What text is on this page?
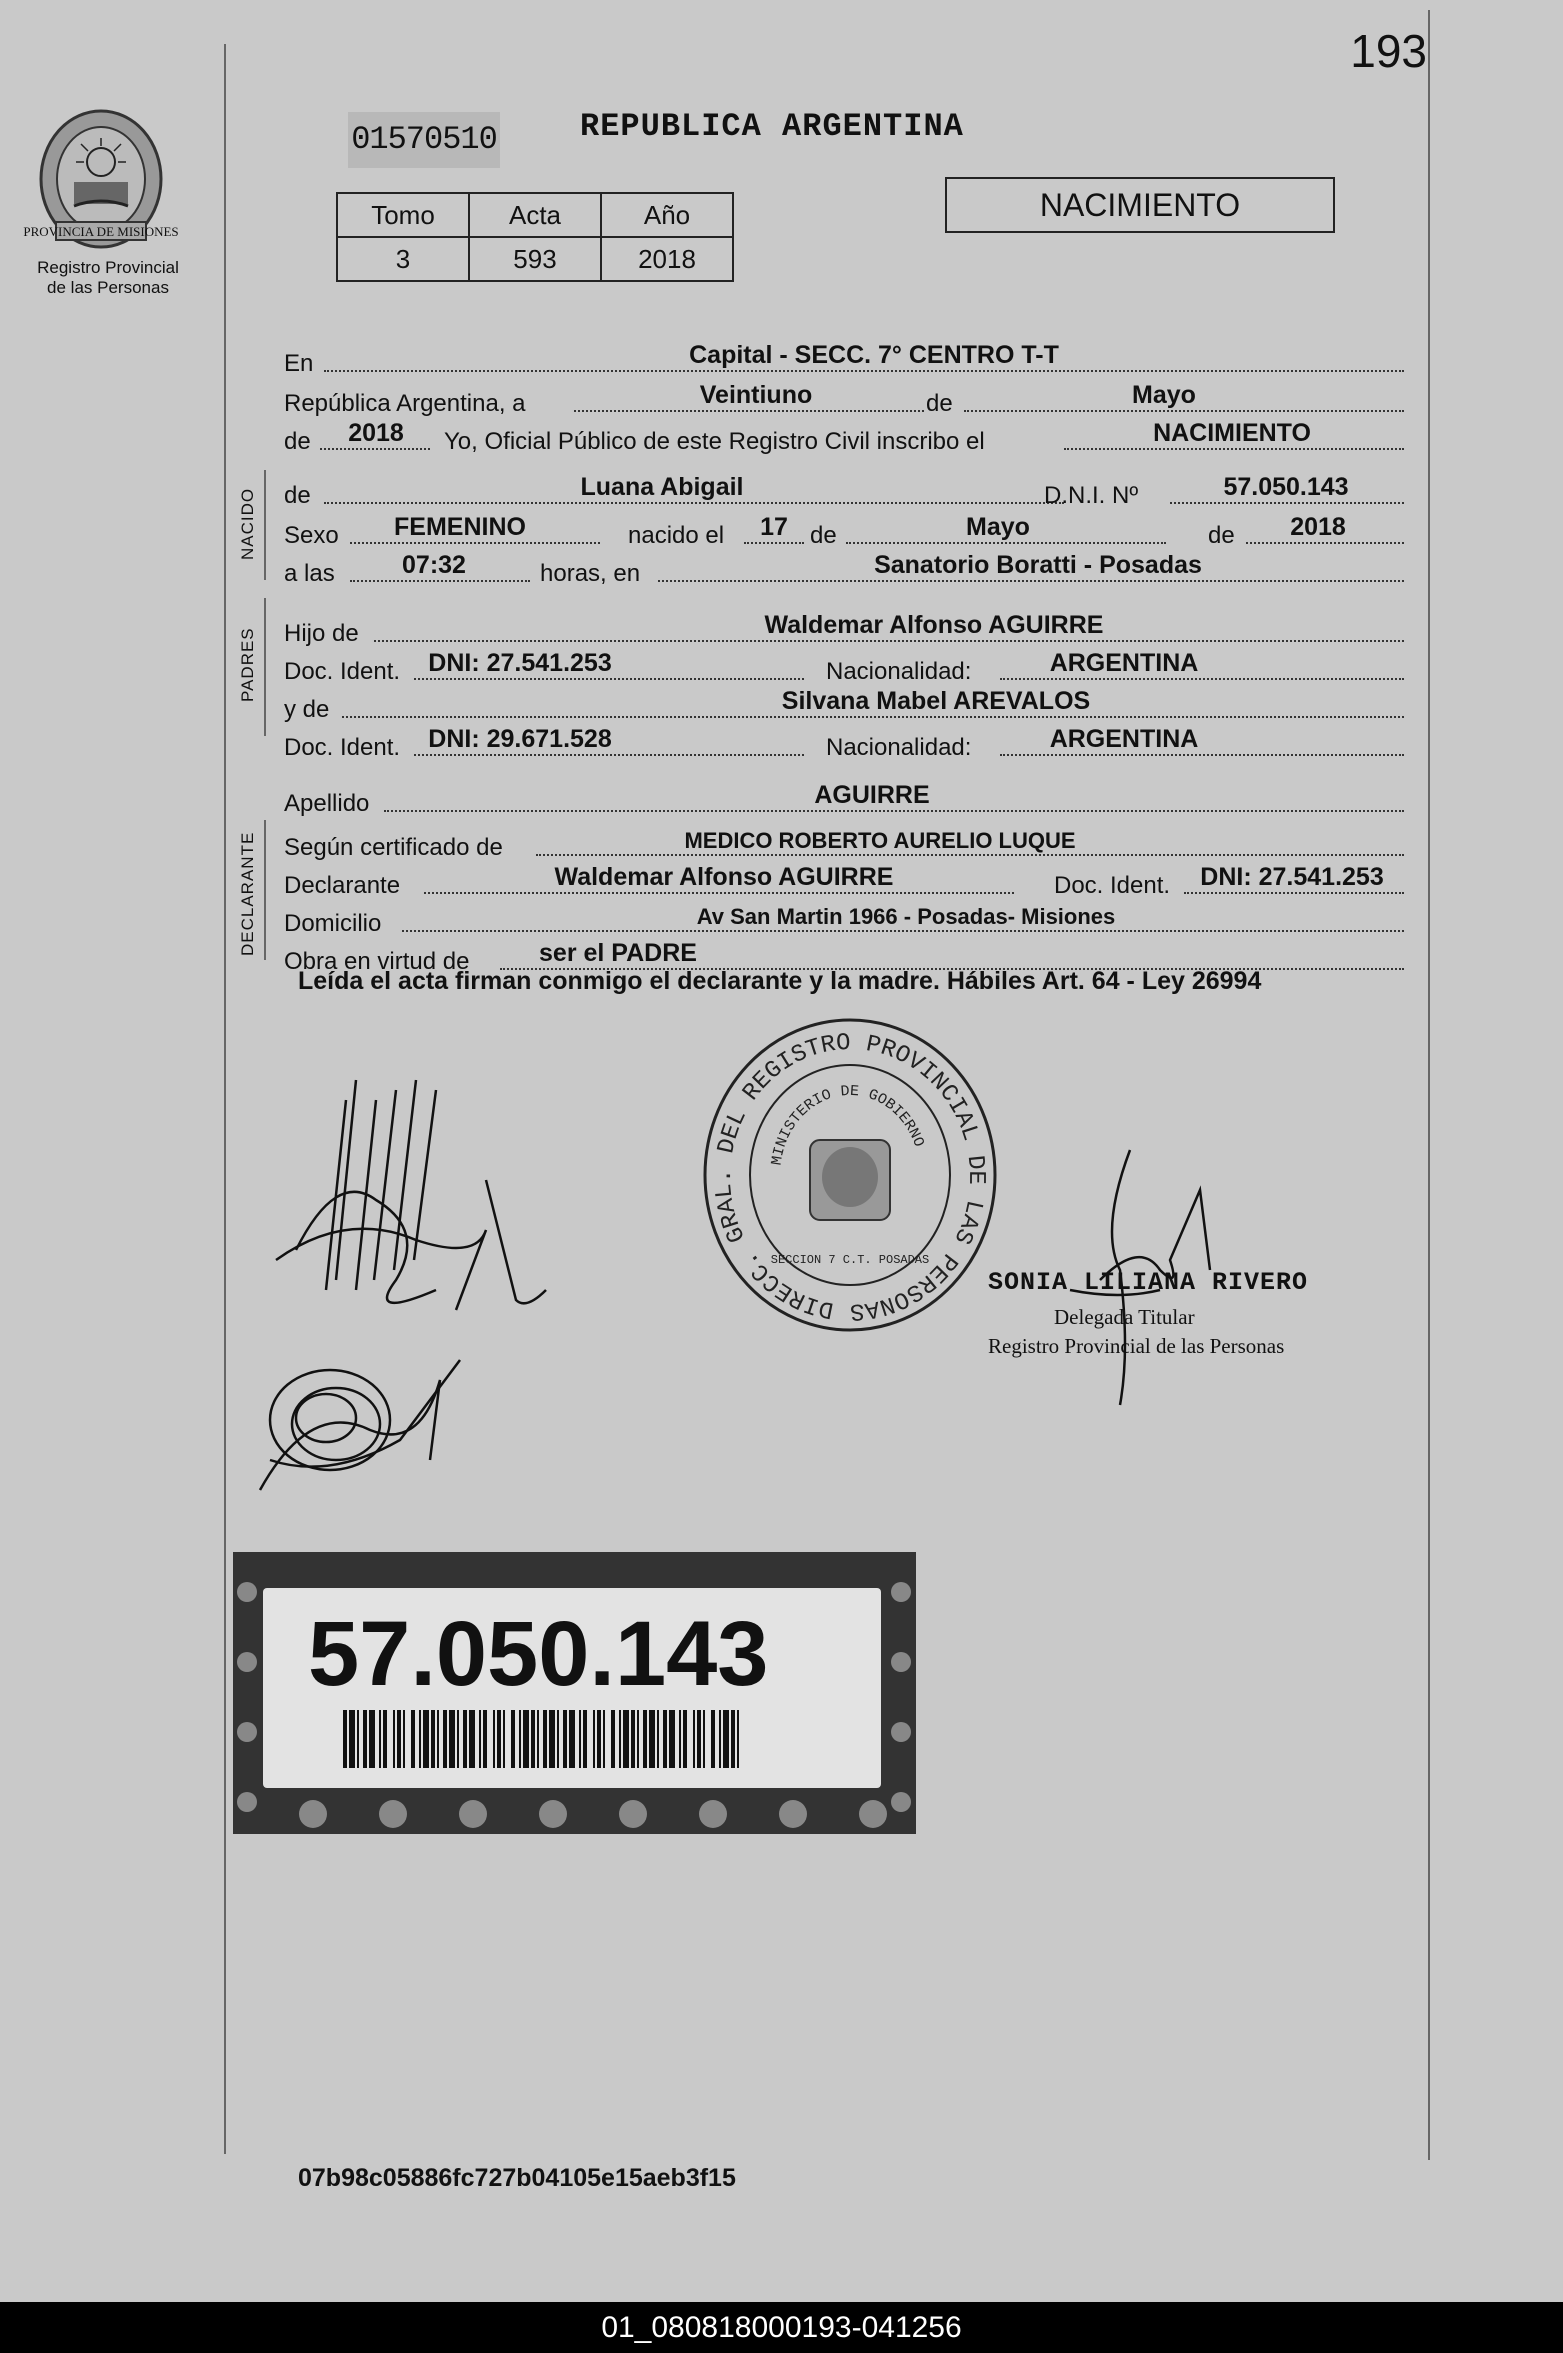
193
PROVINCIA DE MISIONES
Registro Provincial
de las Personas
01570510	REPUBLICA ARGENTINA
Tomo	Acta	Año
3	593	2018
NACIMIENTO
NACIDO
PADRES
DECLARANTE
En	Capital - SECC. 7° CENTRO T-T
República Argentina, a	Veintiuno	de	Mayo
de 2018 Yo, Oficial Público de este Registro Civil inscribo el	NACIMIENTO
de	Luana Abigail	D.N.I. Nº	57.050.143
Sexo FEMENINO	nacido el 17 de	Mayo	de 2018
a las	07:32	horas, en	Sanatorio Boratti - Posadas
Hijo de	Waldemar Alfonso AGUIRRE
Doc. Ident. DNI: 27.541.253	Nacionalidad:	ARGENTINA
y de	Silvana Mabel AREVALOS
Doc. Ident. DNI: 29.671.528	Nacionalidad:	ARGENTINA
Apellido	AGUIRRE
Según certificado de	MEDICO ROBERTO AURELIO LUQUE
Declarante	Waldemar Alfonso AGUIRRE	Doc. Ident. DNI: 27.541.253
Domicilio	Av San Martin 1966 - Posadas- Misiones
Obra en virtud de	ser el PADRE
Leída el acta firman conmigo el declarante y la madre. Hábiles Art. 64 - Ley 26994
DIRECC. GRAL. DEL REGISTRO PROVINCIAL DE LAS PERSONAS
MINISTERIO DE GOBIERNO
SECCION 7 C.T. POSADAS
SONIA LILIANA RIVERO
Delegada Titular
Registro Provincial de las Personas
57.050.143
07b98c05886fc727b04105e15aeb3f15
01_080818000193-041256
